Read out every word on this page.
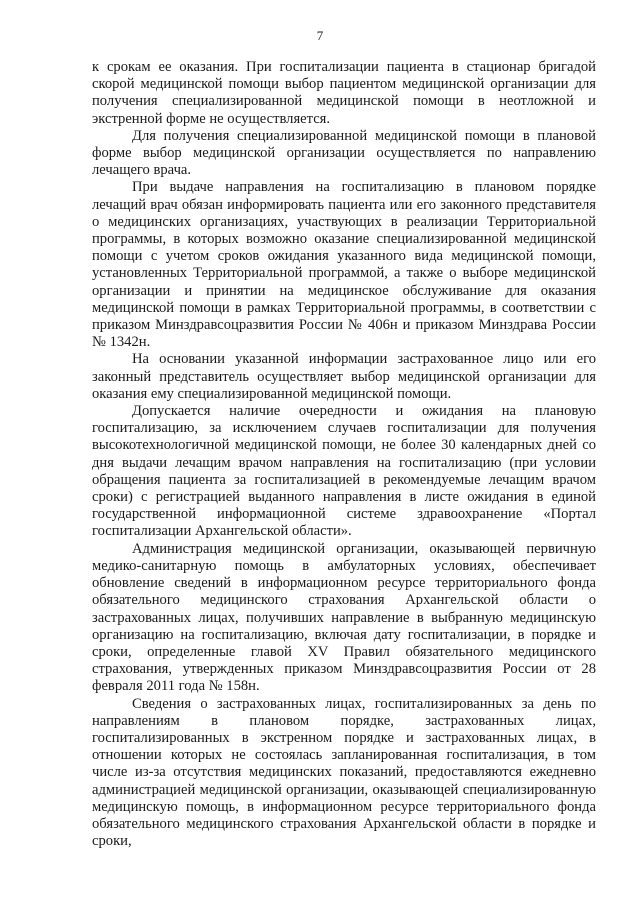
7

к срокам ее оказания. При госпитализации пациента в стационар бригадой скорой медицинской помощи выбор пациентом медицинской организации для получения специализированной медицинской помощи в неотложной и экстренной форме не осуществляется.

Для получения специализированной медицинской помощи в плановой форме выбор медицинской организации осуществляется по направлению лечащего врача.

При выдаче направления на госпитализацию в плановом порядке лечащий врач обязан информировать пациента или его законного представителя о медицинских организациях, участвующих в реализации Территориальной программы, в которых возможно оказание специализированной медицинской помощи с учетом сроков ожидания указанного вида медицинской помощи, установленных Территориальной программой, а также о выборе медицинской организации и принятии на медицинское обслуживание для оказания медицинской помощи в рамках Территориальной программы, в соответствии с приказом Минздравсоцразвития России № 406н и приказом Минздрава России № 1342н.

На основании указанной информации застрахованное лицо или его законный представитель осуществляет выбор медицинской организации для оказания ему специализированной медицинской помощи.

Допускается наличие очередности и ожидания на плановую госпитализацию, за исключением случаев госпитализации для получения высокотехнологичной медицинской помощи, не более 30 календарных дней со дня выдачи лечащим врачом направления на госпитализацию (при условии обращения пациента за госпитализацией в рекомендуемые лечащим врачом сроки) с регистрацией выданного направления в листе ожидания в единой государственной информационной системе здравоохранение «Портал госпитализации Архангельской области».

Администрация медицинской организации, оказывающей первичную медико-санитарную помощь в амбулаторных условиях, обеспечивает обновление сведений в информационном ресурсе территориального фонда обязательного медицинского страхования Архангельской области о застрахованных лицах, получивших направление в выбранную медицинскую организацию на госпитализацию, включая дату госпитализации, в порядке и сроки, определенные главой XV Правил обязательного медицинского страхования, утвержденных приказом Минздравсоцразвития России от 28 февраля 2011 года № 158н.

Сведения о застрахованных лицах, госпитализированных за день по направлениям в плановом порядке, застрахованных лицах, госпитализированных в экстренном порядке и застрахованных лицах, в отношении которых не состоялась запланированная госпитализация, в том числе из-за отсутствия медицинских показаний, предоставляются ежедневно администрацией медицинской организации, оказывающей специализированную медицинскую помощь, в информационном ресурсе территориального фонда обязательного медицинского страхования Архангельской области в порядке и сроки,
